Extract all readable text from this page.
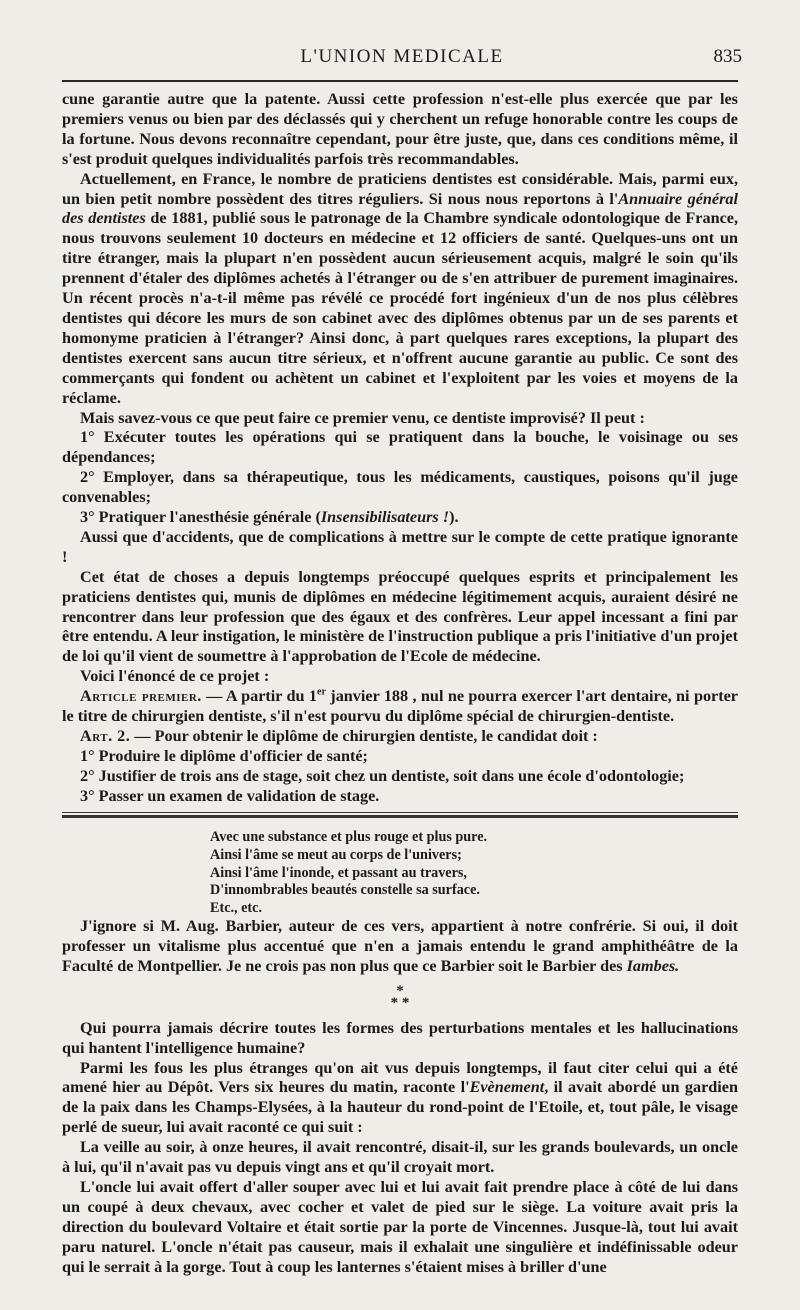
L'UNION MEDICALE	835

cune garantie autre que la patente. Aussi cette profession n'est-elle plus exercée que par les premiers venus ou bien par des déclassés qui y cherchent un refuge honorable contre les coups de la fortune. Nous devons reconnaître cependant, pour être juste, que, dans ces conditions même, il s'est produit quelques individualités parfois très recommandables.

Actuellement, en France, le nombre de praticiens dentistes est considérable. Mais, parmi eux, un bien petit nombre possèdent des titres réguliers. Si nous nous reportons à l'Annuaire général des dentistes de 1881, publié sous le patronage de la Chambre syndicale odontologique de France, nous trouvons seulement 10 docteurs en médecine et 12 officiers de santé. Quelques-uns ont un titre étranger, mais la plupart n'en possèdent aucun sérieusement acquis, malgré le soin qu'ils prennent d'étaler des diplômes achetés à l'étranger ou de s'en attribuer de purement imaginaires. Un récent procès n'a-t-il même pas révélé ce procédé fort ingénieux d'un de nos plus célèbres dentistes qui décore les murs de son cabinet avec des diplômes obtenus par un de ses parents et homonyme praticien à l'étranger? Ainsi donc, à part quelques rares exceptions, la plupart des dentistes exercent sans aucun titre sérieux, et n'offrent aucune garantie au public. Ce sont des commerçants qui fondent ou achètent un cabinet et l'exploitent par les voies et moyens de la réclame.

Mais savez-vous ce que peut faire ce premier venu, ce dentiste improvisé? Il peut :

1° Exécuter toutes les opérations qui se pratiquent dans la bouche, le voisinage ou ses dépendances;

2° Employer, dans sa thérapeutique, tous les médicaments, caustiques, poisons qu'il juge convenables;

3° Pratiquer l'anesthésie générale (Insensibilisateurs !).

Aussi que d'accidents, que de complications à mettre sur le compte de cette pratique ignorante !

Cet état de choses a depuis longtemps préoccupé quelques esprits et principalement les praticiens dentistes qui, munis de diplômes en médecine légitimement acquis, auraient désiré ne rencontrer dans leur profession que des égaux et des confrères. Leur appel incessant a fini par être entendu. A leur instigation, le ministère de l'instruction publique a pris l'initiative d'un projet de loi qu'il vient de soumettre à l'approbation de l'Ecole de médecine.

Voici l'énoncé de ce projet :

Article premier. — A partir du 1er janvier 188 , nul ne pourra exercer l'art dentaire, ni porter le titre de chirurgien dentiste, s'il n'est pourvu du diplôme spécial de chirurgien-dentiste.

Art. 2. — Pour obtenir le diplôme de chirurgien dentiste, le candidat doit :

1° Produire le diplôme d'officier de santé;

2° Justifier de trois ans de stage, soit chez un dentiste, soit dans une école d'odontologie;

3° Passer un examen de validation de stage.

Avec une substance et plus rouge et plus pure.
Ainsi l'âme se meut au corps de l'univers;
Ainsi l'âme l'inonde, et passant au travers,
D'innombrables beautés constelle sa surface.
Etc., etc.

J'ignore si M. Aug. Barbier, auteur de ces vers, appartient à notre confrérie. Si oui, il doit professer un vitalisme plus accentué que n'en a jamais entendu le grand amphithéâtre de la Faculté de Montpellier. Je ne crois pas non plus que ce Barbier soit le Barbier des Iambes.

*
* *

Qui pourra jamais décrire toutes les formes des perturbations mentales et les hallucinations qui hantent l'intelligence humaine?

Parmi les fous les plus étranges qu'on ait vus depuis longtemps, il faut citer celui qui a été amené hier au Dépôt. Vers six heures du matin, raconte l'Evènement, il avait abordé un gardien de la paix dans les Champs-Elysées, à la hauteur du rond-point de l'Etoile, et, tout pâle, le visage perlé de sueur, lui avait raconté ce qui suit :

La veille au soir, à onze heures, il avait rencontré, disait-il, sur les grands boulevards, un oncle à lui, qu'il n'avait pas vu depuis vingt ans et qu'il croyait mort.

L'oncle lui avait offert d'aller souper avec lui et lui avait fait prendre place à côté de lui dans un coupé à deux chevaux, avec cocher et valet de pied sur le siège. La voiture avait pris la direction du boulevard Voltaire et était sortie par la porte de Vincennes. Jusque-là, tout lui avait paru naturel. L'oncle n'était pas causeur, mais il exhalait une singulière et indéfinissable odeur qui le serrait à la gorge. Tout à coup les lanternes s'étaient mises à briller d'une
